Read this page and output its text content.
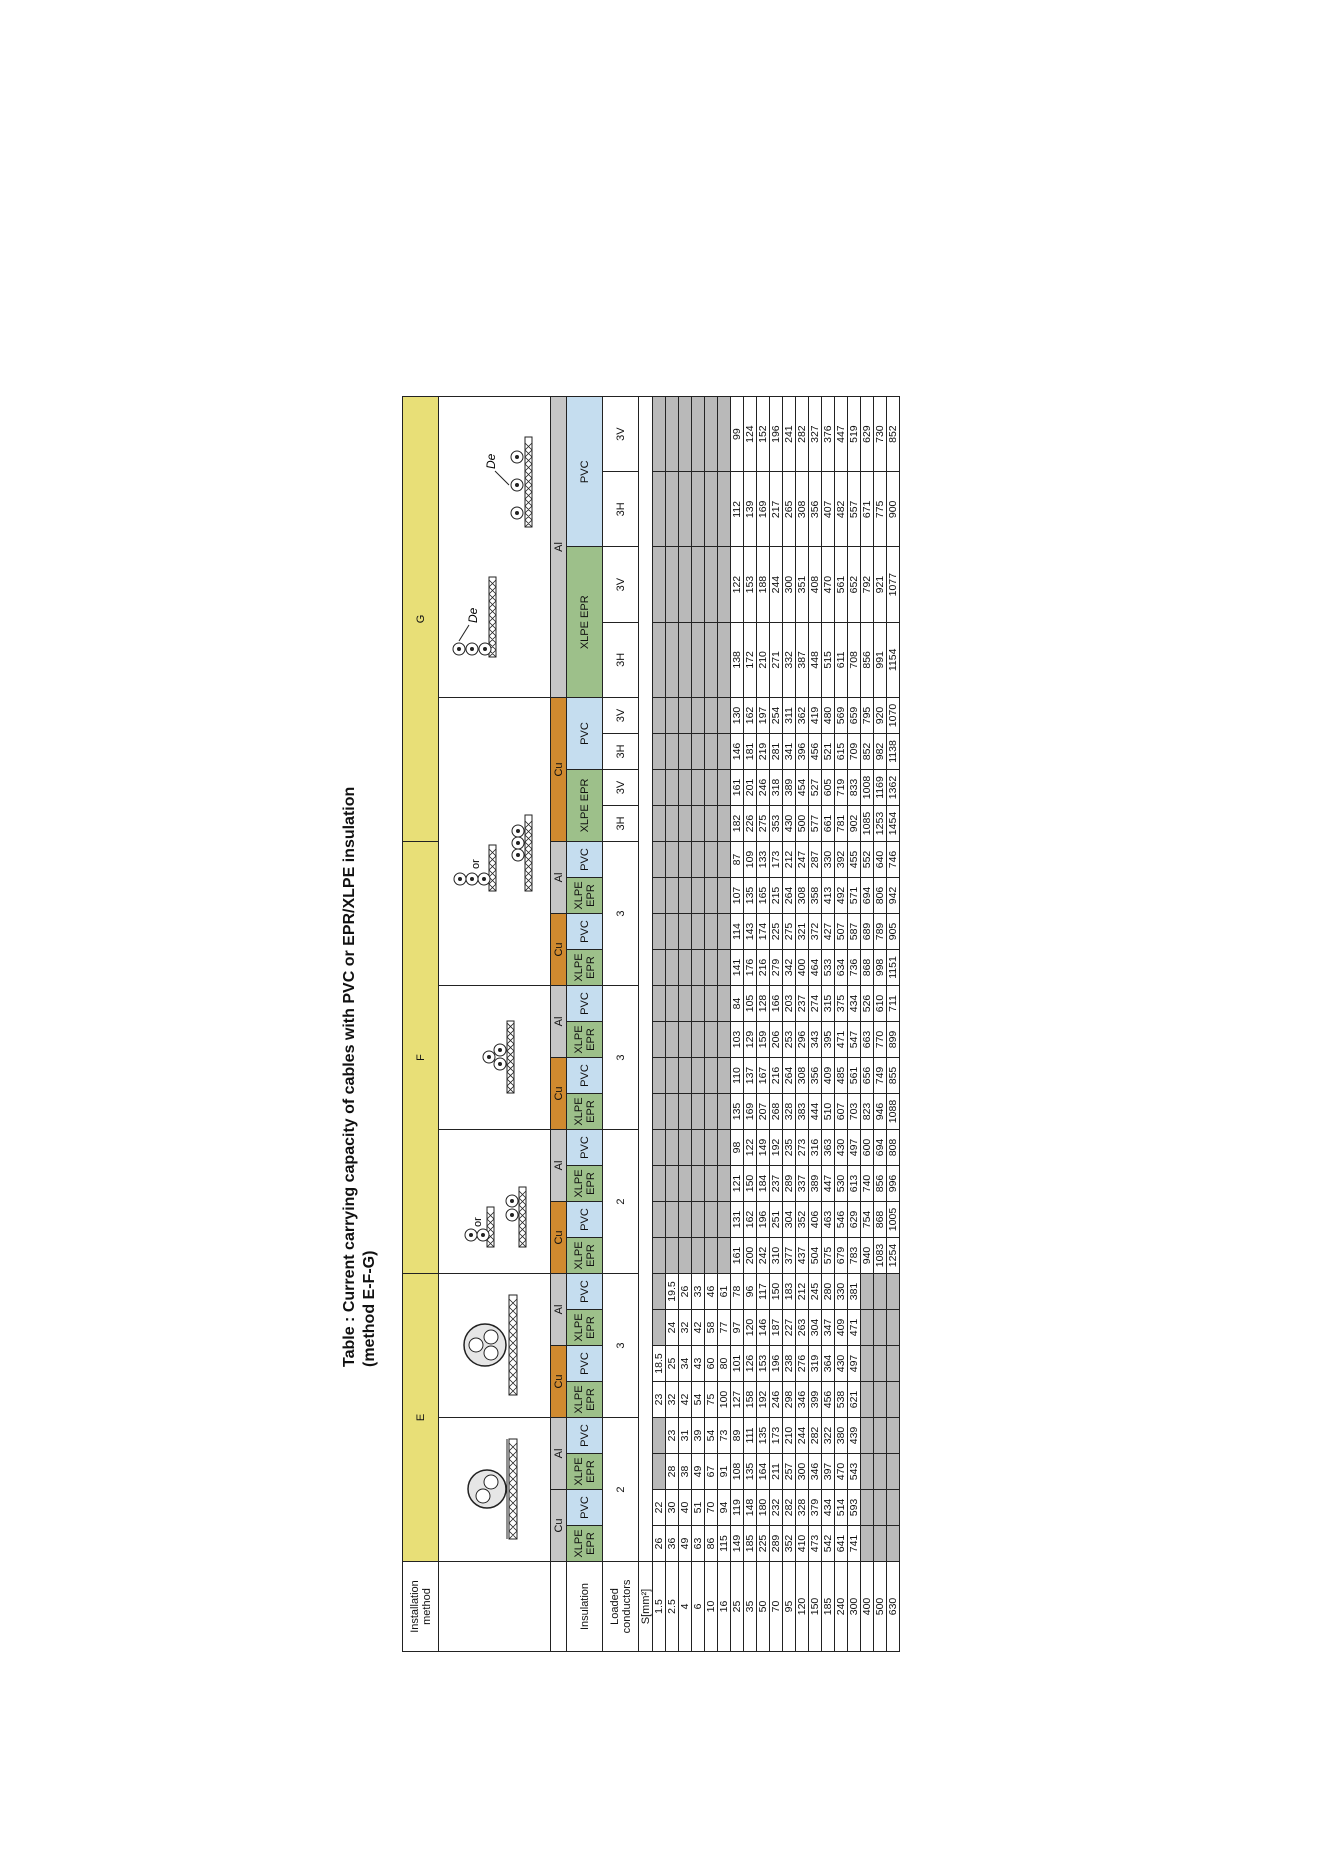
Table : Current carrying capacity of cables with PVC or EPR/XLPE insulation (method E-F-G)
Installation method	E								F												G							

or								or								De
De			

	Cu		Al		Cu		Al		Cu		Al		Cu		Al		Cu		Al		Cu				Al			
Insulation	XLPE EPR	PVC	XLPE EPR	PVC	XLPE EPR	PVC	XLPE EPR	PVC	XLPE EPR	PVC	XLPE EPR	PVC	XLPE EPR	PVC	XLPE EPR	PVC	XLPE EPR	PVC	XLPE EPR	PVC	XLPE EPR		PVC		XLPE EPR		PVC	
Loaded conductors	2				3				2				3				3				3H	3V	3H	3V	3H	3V	3H	3V
S[mm²]																												
1.5	26	22			23	18.5																						
2.5	36	30	28	23	32	25	24	19.5																				
4	49	40	38	31	42	34	32	26																				
6	63	51	49	39	54	43	42	33																				
10	86	70	67	54	75	60	58	46																				
16	115	94	91	73	100	80	77	61																				
25	149	119	108	89	127	101	97	78	161	131	121	98	135	110	103	84	141	114	107	87	182	161	146	130	138	122	112	99
35	185	148	135	111	158	126	120	96	200	162	150	122	169	137	129	105	176	143	135	109	226	201	181	162	172	153	139	124
50	225	180	164	135	192	153	146	117	242	196	184	149	207	167	159	128	216	174	165	133	275	246	219	197	210	188	169	152
70	289	232	211	173	246	196	187	150	310	251	237	192	268	216	206	166	279	225	215	173	353	318	281	254	271	244	217	196
95	352	282	257	210	298	238	227	183	377	304	289	235	328	264	253	203	342	275	264	212	430	389	341	311	332	300	265	241
120	410	328	300	244	346	276	263	212	437	352	337	273	383	308	296	237	400	321	308	247	500	454	396	362	387	351	308	282
150	473	379	346	282	399	319	304	245	504	406	389	316	444	356	343	274	464	372	358	287	577	527	456	419	448	408	356	327
185	542	434	397	322	456	364	347	280	575	463	447	363	510	409	395	315	533	427	413	330	661	605	521	480	515	470	407	376
240	641	514	470	380	538	430	409	330	679	546	530	430	607	485	471	375	634	507	492	392	781	719	615	569	611	561	482	447
300	741	593	543	439	621	497	471	381	783	629	613	497	703	561	547	434	736	587	571	455	902	833	709	659	708	652	557	519
400									940	754	740	600	823	656	663	526	868	689	694	552	1085	1008	852	795	856	792	671	629
500									1083	868	856	694	946	749	770	610	998	789	806	640	1253	1169	982	920	991	921	775	730
630									1254	1005	996	808	1088	855	899	711	1151	905	942	746	1454	1362	1138	1070	1154	1077	900	852
